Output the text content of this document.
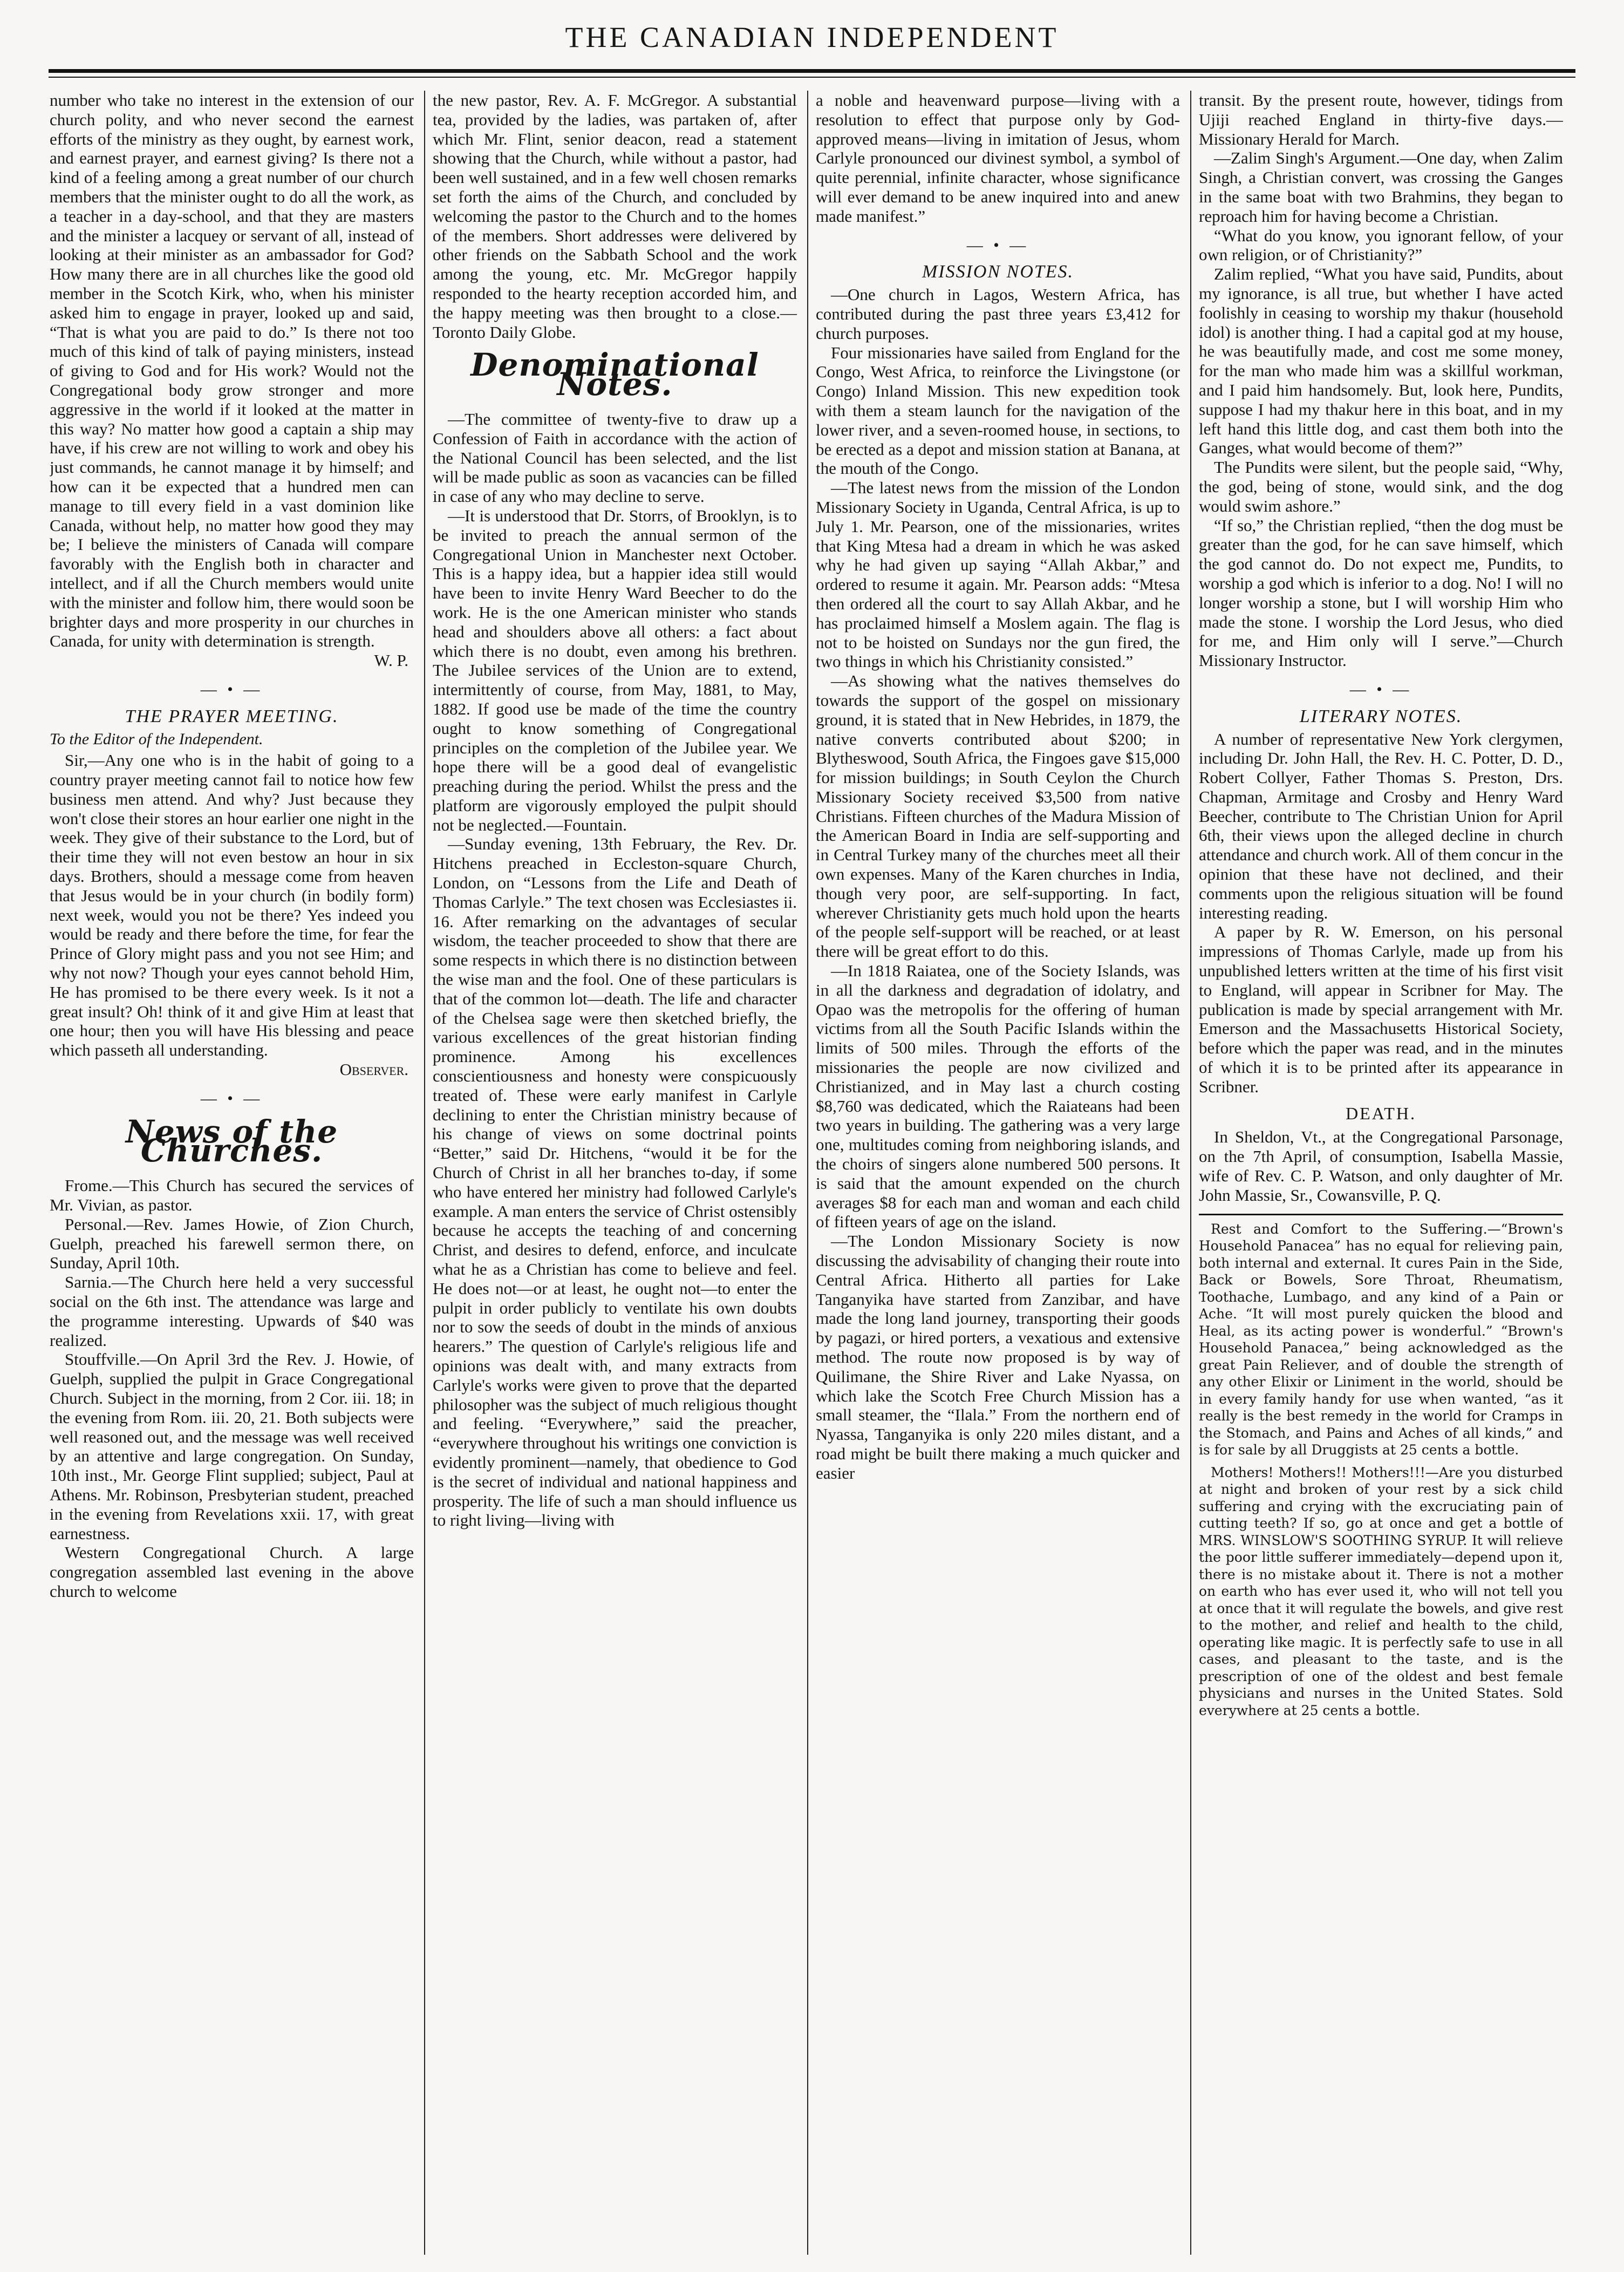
THE CANADIAN INDEPENDENT

number who take no interest in the extension of our church polity, and who never second the earnest efforts of the ministry as they ought, by earnest work, and earnest prayer, and earnest giving? Is there not a kind of a feeling among a great number of our church members that the minister ought to do all the work, as a teacher in a day-school, and that they are masters and the minister a lacquey or servant of all, instead of looking at their minister as an ambassador for God? How many there are in all churches like the good old member in the Scotch Kirk, who, when his minister asked him to engage in prayer, looked up and said, “That is what you are paid to do.” Is there not too much of this kind of talk of paying ministers, instead of giving to God and for His work? Would not the Congregational body grow stronger and more aggressive in the world if it looked at the matter in this way? No matter how good a captain a ship may have, if his crew are not willing to work and obey his just commands, he cannot manage it by himself; and how can it be expected that a hundred men can manage to till every field in a vast dominion like Canada, without help, no matter how good they may be; I believe the ministers of Canada will compare favorably with the English both in character and intellect, and if all the Church members would unite with the minister and follow him, there would soon be brighter days and more prosperity in our churches in Canada, for unity with determination is strength.

W. P.

— • —
THE PRAYER MEETING.
To the Editor of the Independent.

Sir,—Any one who is in the habit of going to a country prayer meeting cannot fail to notice how few business men attend. And why? Just because they won't close their stores an hour earlier one night in the week. They give of their substance to the Lord, but of their time they will not even bestow an hour in six days. Brothers, should a message come from heaven that Jesus would be in your church (in bodily form) next week, would you not be there? Yes indeed you would be ready and there before the time, for fear the Prince of Glory might pass and you not see Him; and why not now? Though your eyes cannot behold Him, He has promised to be there every week. Is it not a great insult? Oh! think of it and give Him at least that one hour; then you will have His blessing and peace which passeth all understanding.

Observer.

— • —
News of the Churches.

Frome.—This Church has secured the services of Mr. Vivian, as pastor.

Personal.—Rev. James Howie, of Zion Church, Guelph, preached his farewell sermon there, on Sunday, April 10th.

Sarnia.—The Church here held a very successful social on the 6th inst. The attendance was large and the programme interesting. Upwards of $40 was realized.

Stouffville.—On April 3rd the Rev. J. Howie, of Guelph, supplied the pulpit in Grace Congregational Church. Subject in the morning, from 2 Cor. iii. 18; in the evening from Rom. iii. 20, 21. Both subjects were well reasoned out, and the message was well received by an attentive and large congregation. On Sunday, 10th inst., Mr. George Flint supplied; subject, Paul at Athens. Mr. Robinson, Presbyterian student, preached in the evening from Revelations xxii. 17, with great earnestness.

Western Congregational Church. A large congregation assembled last evening in the above church to welcome

the new pastor, Rev. A. F. McGregor. A substantial tea, provided by the ladies, was partaken of, after which Mr. Flint, senior deacon, read a statement showing that the Church, while without a pastor, had been well sustained, and in a few well chosen remarks set forth the aims of the Church, and concluded by welcoming the pastor to the Church and to the homes of the members. Short addresses were delivered by other friends on the Sabbath School and the work among the young, etc. Mr. McGregor happily responded to the hearty reception accorded him, and the happy meeting was then brought to a close.—Toronto Daily Globe.

Denominational Notes.

—The committee of twenty-five to draw up a Confession of Faith in accordance with the action of the National Council has been selected, and the list will be made public as soon as vacancies can be filled in case of any who may decline to serve.

—It is understood that Dr. Storrs, of Brooklyn, is to be invited to preach the annual sermon of the Congregational Union in Manchester next October. This is a happy idea, but a happier idea still would have been to invite Henry Ward Beecher to do the work. He is the one American minister who stands head and shoulders above all others: a fact about which there is no doubt, even among his brethren. The Jubilee services of the Union are to extend, intermittently of course, from May, 1881, to May, 1882. If good use be made of the time the country ought to know something of Congregational principles on the completion of the Jubilee year. We hope there will be a good deal of evangelistic preaching during the period. Whilst the press and the platform are vigorously employed the pulpit should not be neglected.—Fountain.

—Sunday evening, 13th February, the Rev. Dr. Hitchens preached in Eccleston-square Church, London, on “Lessons from the Life and Death of Thomas Carlyle.” The text chosen was Ecclesiastes ii. 16. After remarking on the advantages of secular wisdom, the teacher proceeded to show that there are some respects in which there is no distinction between the wise man and the fool. One of these particulars is that of the common lot—death. The life and character of the Chelsea sage were then sketched briefly, the various excellences of the great historian finding prominence. Among his excellences conscientiousness and honesty were conspicuously treated of. These were early manifest in Carlyle declining to enter the Christian ministry because of his change of views on some doctrinal points “Better,” said Dr. Hitchens, “would it be for the Church of Christ in all her branches to-day, if some who have entered her ministry had followed Carlyle's example. A man enters the service of Christ ostensibly because he accepts the teaching of and concerning Christ, and desires to defend, enforce, and inculcate what he as a Christian has come to believe and feel. He does not—or at least, he ought not—to enter the pulpit in order publicly to ventilate his own doubts nor to sow the seeds of doubt in the minds of anxious hearers.” The question of Carlyle's religious life and opinions was dealt with, and many extracts from Carlyle's works were given to prove that the departed philosopher was the subject of much religious thought and feeling. “Everywhere,” said the preacher, “everywhere throughout his writings one conviction is evidently prominent—namely, that obedience to God is the secret of individual and national happiness and prosperity. The life of such a man should influence us to right living—living with

a noble and heavenward purpose—living with a resolution to effect that purpose only by God-approved means—living in imitation of Jesus, whom Carlyle pronounced our divinest symbol, a symbol of quite perennial, infinite character, whose significance will ever demand to be anew inquired into and anew made manifest.”

— • —
MISSION NOTES.

—One church in Lagos, Western Africa, has contributed during the past three years £3,412 for church purposes.

Four missionaries have sailed from England for the Congo, West Africa, to reinforce the Livingstone (or Congo) Inland Mission. This new expedition took with them a steam launch for the navigation of the lower river, and a seven-roomed house, in sections, to be erected as a depot and mission station at Banana, at the mouth of the Congo.

—The latest news from the mission of the London Missionary Society in Uganda, Central Africa, is up to July 1. Mr. Pearson, one of the missionaries, writes that King Mtesa had a dream in which he was asked why he had given up saying “Allah Akbar,” and ordered to resume it again. Mr. Pearson adds: “Mtesa then ordered all the court to say Allah Akbar, and he has proclaimed himself a Moslem again. The flag is not to be hoisted on Sundays nor the gun fired, the two things in which his Christianity consisted.”

—As showing what the natives themselves do towards the support of the gospel on missionary ground, it is stated that in New Hebrides, in 1879, the native converts contributed about $200; in Blytheswood, South Africa, the Fingoes gave $15,000 for mission buildings; in South Ceylon the Church Missionary Society received $3,500 from native Christians. Fifteen churches of the Madura Mission of the American Board in India are self-supporting and in Central Turkey many of the churches meet all their own expenses. Many of the Karen churches in India, though very poor, are self-supporting. In fact, wherever Christianity gets much hold upon the hearts of the people self-support will be reached, or at least there will be great effort to do this.

—In 1818 Raiatea, one of the Society Islands, was in all the darkness and degradation of idolatry, and Opao was the metropolis for the offering of human victims from all the South Pacific Islands within the limits of 500 miles. Through the efforts of the missionaries the people are now civilized and Christianized, and in May last a church costing $8,760 was dedicated, which the Raiateans had been two years in building. The gathering was a very large one, multitudes coming from neighboring islands, and the choirs of singers alone numbered 500 persons. It is said that the amount expended on the church averages $8 for each man and woman and each child of fifteen years of age on the island.

—The London Missionary Society is now discussing the advisability of changing their route into Central Africa. Hitherto all parties for Lake Tanganyika have started from Zanzibar, and have made the long land journey, transporting their goods by pagazi, or hired porters, a vexatious and extensive method. The route now proposed is by way of Quilimane, the Shire River and Lake Nyassa, on which lake the Scotch Free Church Mission has a small steamer, the “Ilala.” From the northern end of Nyassa, Tanganyika is only 220 miles distant, and a road might be built there making a much quicker and easier

transit. By the present route, however, tidings from Ujiji reached England in thirty-five days.—Missionary Herald for March.

—Zalim Singh's Argument.—One day, when Zalim Singh, a Christian convert, was crossing the Ganges in the same boat with two Brahmins, they began to reproach him for having become a Christian.

“What do you know, you ignorant fellow, of your own religion, or of Christianity?”

Zalim replied, “What you have said, Pundits, about my ignorance, is all true, but whether I have acted foolishly in ceasing to worship my thakur (household idol) is another thing. I had a capital god at my house, he was beautifully made, and cost me some money, for the man who made him was a skillful workman, and I paid him handsomely. But, look here, Pundits, suppose I had my thakur here in this boat, and in my left hand this little dog, and cast them both into the Ganges, what would become of them?”

The Pundits were silent, but the people said, “Why, the god, being of stone, would sink, and the dog would swim ashore.”

“If so,” the Christian replied, “then the dog must be greater than the god, for he can save himself, which the god cannot do. Do not expect me, Pundits, to worship a god which is inferior to a dog. No! I will no longer worship a stone, but I will worship Him who made the stone. I worship the Lord Jesus, who died for me, and Him only will I serve.”—Church Missionary Instructor.

— • —
LITERARY NOTES.

A number of representative New York clergymen, including Dr. John Hall, the Rev. H. C. Potter, D. D., Robert Collyer, Father Thomas S. Preston, Drs. Chapman, Armitage and Crosby and Henry Ward Beecher, contribute to The Christian Union for April 6th, their views upon the alleged decline in church attendance and church work. All of them concur in the opinion that these have not declined, and their comments upon the religious situation will be found interesting reading.

A paper by R. W. Emerson, on his personal impressions of Thomas Carlyle, made up from his unpublished letters written at the time of his first visit to England, will appear in Scribner for May. The publication is made by special arrangement with Mr. Emerson and the Massachusetts Historical Society, before which the paper was read, and in the minutes of which it is to be printed after its appearance in Scribner.

DEATH.

In Sheldon, Vt., at the Congregational Parsonage, on the 7th April, of consumption, Isabella Massie, wife of Rev. C. P. Watson, and only daughter of Mr. John Massie, Sr., Cowansville, P. Q.

Rest and Comfort to the Suffering.—“Brown's Household Panacea” has no equal for relieving pain, both internal and external. It cures Pain in the Side, Back or Bowels, Sore Throat, Rheumatism, Toothache, Lumbago, and any kind of a Pain or Ache. “It will most purely quicken the blood and Heal, as its acting power is wonderful.” “Brown's Household Panacea,” being acknowledged as the great Pain Reliever, and of double the strength of any other Elixir or Liniment in the world, should be in every family handy for use when wanted, “as it really is the best remedy in the world for Cramps in the Stomach, and Pains and Aches of all kinds,” and is for sale by all Druggists at 25 cents a bottle.

Mothers! Mothers!! Mothers!!!—Are you disturbed at night and broken of your rest by a sick child suffering and crying with the excruciating pain of cutting teeth? If so, go at once and get a bottle of MRS. WINSLOW'S SOOTHING SYRUP. It will relieve the poor little sufferer immediately—depend upon it, there is no mistake about it. There is not a mother on earth who has ever used it, who will not tell you at once that it will regulate the bowels, and give rest to the mother, and relief and health to the child, operating like magic. It is perfectly safe to use in all cases, and pleasant to the taste, and is the prescription of one of the oldest and best female physicians and nurses in the United States. Sold everywhere at 25 cents a bottle.
